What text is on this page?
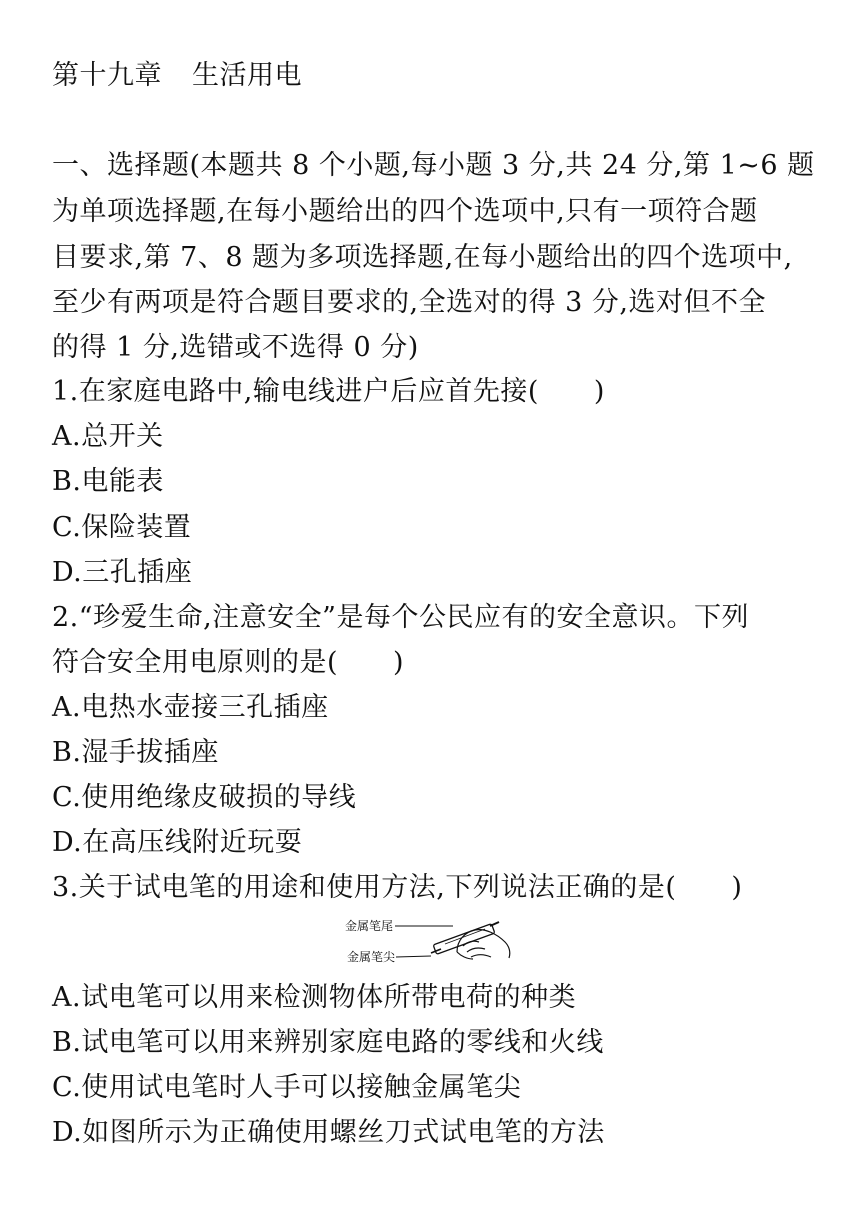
第十九章 生活用电
一、选择题(本题共 8 个小题,每小题 3 分,共 24 分,第 1~6 题
为单项选择题,在每小题给出的四个选项中,只有一项符合题
目要求,第 7、8 题为多项选择题,在每小题给出的四个选项中,
至少有两项是符合题目要求的,全选对的得 3 分,选对但不全
的得 1 分,选错或不选得 0 分)
1.在家庭电路中,输电线进户后应首先接(　　)
A.总开关
B.电能表
C.保险装置
D.三孔插座
2.“珍爱生命,注意安全”是每个公民应有的安全意识。下列
符合安全用电原则的是(　　)
A.电热水壶接三孔插座
B.湿手拔插座
C.使用绝缘皮破损的导线
D.在高压线附近玩耍
3.关于试电笔的用途和使用方法,下列说法正确的是(　　)
金属笔尾
金属笔尖
A.试电笔可以用来检测物体所带电荷的种类
B.试电笔可以用来辨别家庭电路的零线和火线
C.使用试电笔时人手可以接触金属笔尖
D.如图所示为正确使用螺丝刀式试电笔的方法
